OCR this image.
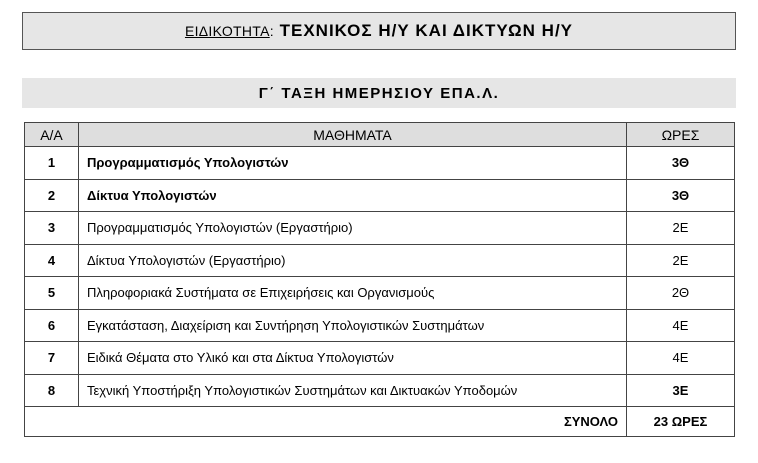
ΕΙΔΙΚΟΤΗΤΑ : ΤΕΧΝΙΚΟΣ Η/Υ ΚΑΙ ΔΙΚΤΥΩΝ Η/Υ
Γ΄ ΤΑΞΗ ΗΜΕΡΗΣΙΟΥ ΕΠΑ.Λ.
Α/Α	ΜΑΘΗΜΑΤΑ	ΩΡΕΣ
1	Προγραμματισμός Υπολογιστών	3Θ
2	Δίκτυα Υπολογιστών	3Θ
3	Προγραμματισμός Υπολογιστών (Εργαστήριο)	2Ε
4	Δίκτυα Υπολογιστών (Εργαστήριο)	2Ε
5	Πληροφοριακά Συστήματα σε Επιχειρήσεις και Οργανισμούς	2Θ
6	Εγκατάσταση, Διαχείριση και Συντήρηση Υπολογιστικών Συστημάτων	4Ε
7	Ειδικά Θέματα στο Υλικό και στα Δίκτυα Υπολογιστών	4Ε
8	Τεχνική Υποστήριξη Υπολογιστικών Συστημάτων και Δικτυακών Υποδομών	3Ε
ΣΥΝΟΛΟ		23 ΩΡΕΣ
